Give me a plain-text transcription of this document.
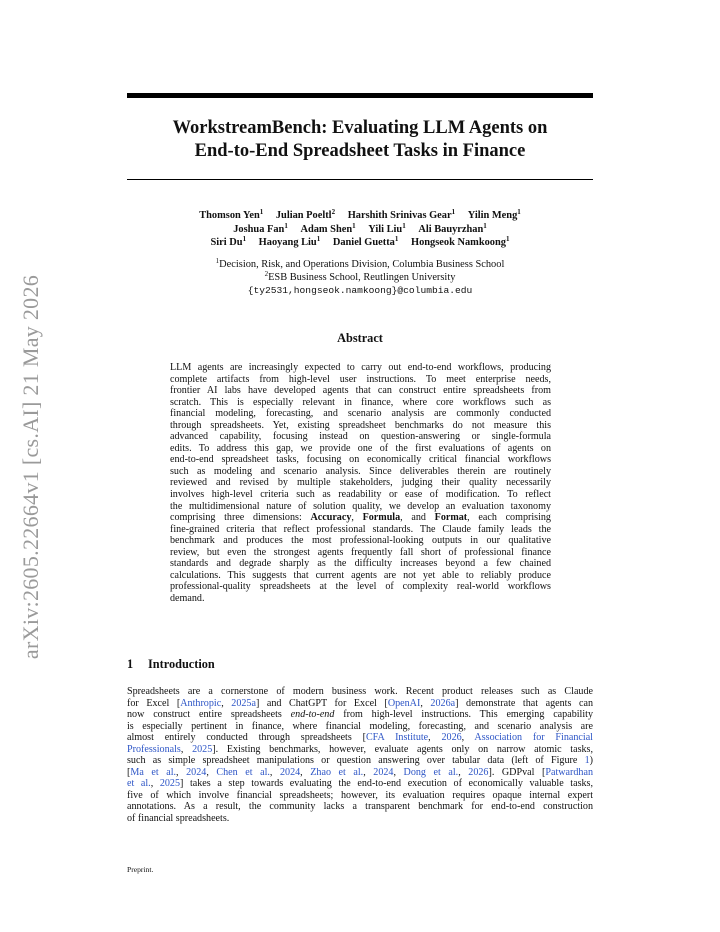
arXiv:2605.22664v1 [cs.AI] 21 May 2026
WorkstreamBench: Evaluating LLM Agents on
End-to-End Spreadsheet Tasks in Finance
Thomson Yen$^1$ Julian Poeltl$^2$ Harshith Srinivas Gear$^1$ Yilin Meng$^1$
Joshua Fan$^1$ Adam Shen$^1$ Yili Liu$^1$ Ali Bauyrzhan$^1$
Siri Du$^1$ Haoyang Liu$^1$ Daniel Guetta$^1$ Hongseok Namkoong$^1$
$^1$Decision, Risk, and Operations Division, Columbia Business School
$^2$ESB Business School, Reutlingen University
{ty2531,hongseok.namkoong}@columbia.edu
Abstract
LLM agents are increasingly expected to carry out end-to-end workflows, producing
complete artifacts from high-level user instructions. To meet enterprise needs,
frontier AI labs have developed agents that can construct entire spreadsheets from
scratch. This is especially relevant in finance, where core workflows such as
financial modeling, forecasting, and scenario analysis are commonly conducted
through spreadsheets. Yet, existing spreadsheet benchmarks do not measure this
advanced capability, focusing instead on question-answering or single-formula
edits. To address this gap, we provide one of the first evaluations of agents on
end-to-end spreadsheet tasks, focusing on economically critical financial workflows
such as modeling and scenario analysis. Since deliverables therein are routinely
reviewed and revised by multiple stakeholders, judging their quality necessarily
involves high-level criteria such as readability or ease of modification. To reflect
the multidimensional nature of solution quality, we develop an evaluation taxonomy
comprising three dimensions: Accuracy, Formula, and Format, each comprising
fine-grained criteria that reflect professional standards. The Claude family leads the
benchmark and produces the most professional-looking outputs in our qualitative
review, but even the strongest agents frequently fall short of professional finance
standards and degrade sharply as the difficulty increases beyond a few chained
calculations. This suggests that current agents are not yet able to reliably produce
professional-quality spreadsheets at the level of complexity real-world workflows
demand.
1 Introduction
Spreadsheets are a cornerstone of modern business work. Recent product releases such as Claude
for Excel [Anthropic, 2025a] and ChatGPT for Excel [OpenAI, 2026a] demonstrate that agents can
now construct entire spreadsheets end-to-end from high-level instructions. This emerging capability
is especially pertinent in finance, where financial modeling, forecasting, and scenario analysis are
almost entirely conducted through spreadsheets [CFA Institute, 2026, Association for Financial
Professionals, 2025]. Existing benchmarks, however, evaluate agents only on narrow atomic tasks,
such as simple spreadsheet manipulations or question answering over tabular data (left of Figure 1)
[Ma et al., 2024, Chen et al., 2024, Zhao et al., 2024, Dong et al., 2026]. GDPval [Patwardhan
et al., 2025] takes a step towards evaluating the end-to-end execution of economically valuable tasks,
five of which involve financial spreadsheets; however, its evaluation requires opaque internal expert
annotations. As a result, the community lacks a transparent benchmark for end-to-end construction
of financial spreadsheets.
Preprint.
